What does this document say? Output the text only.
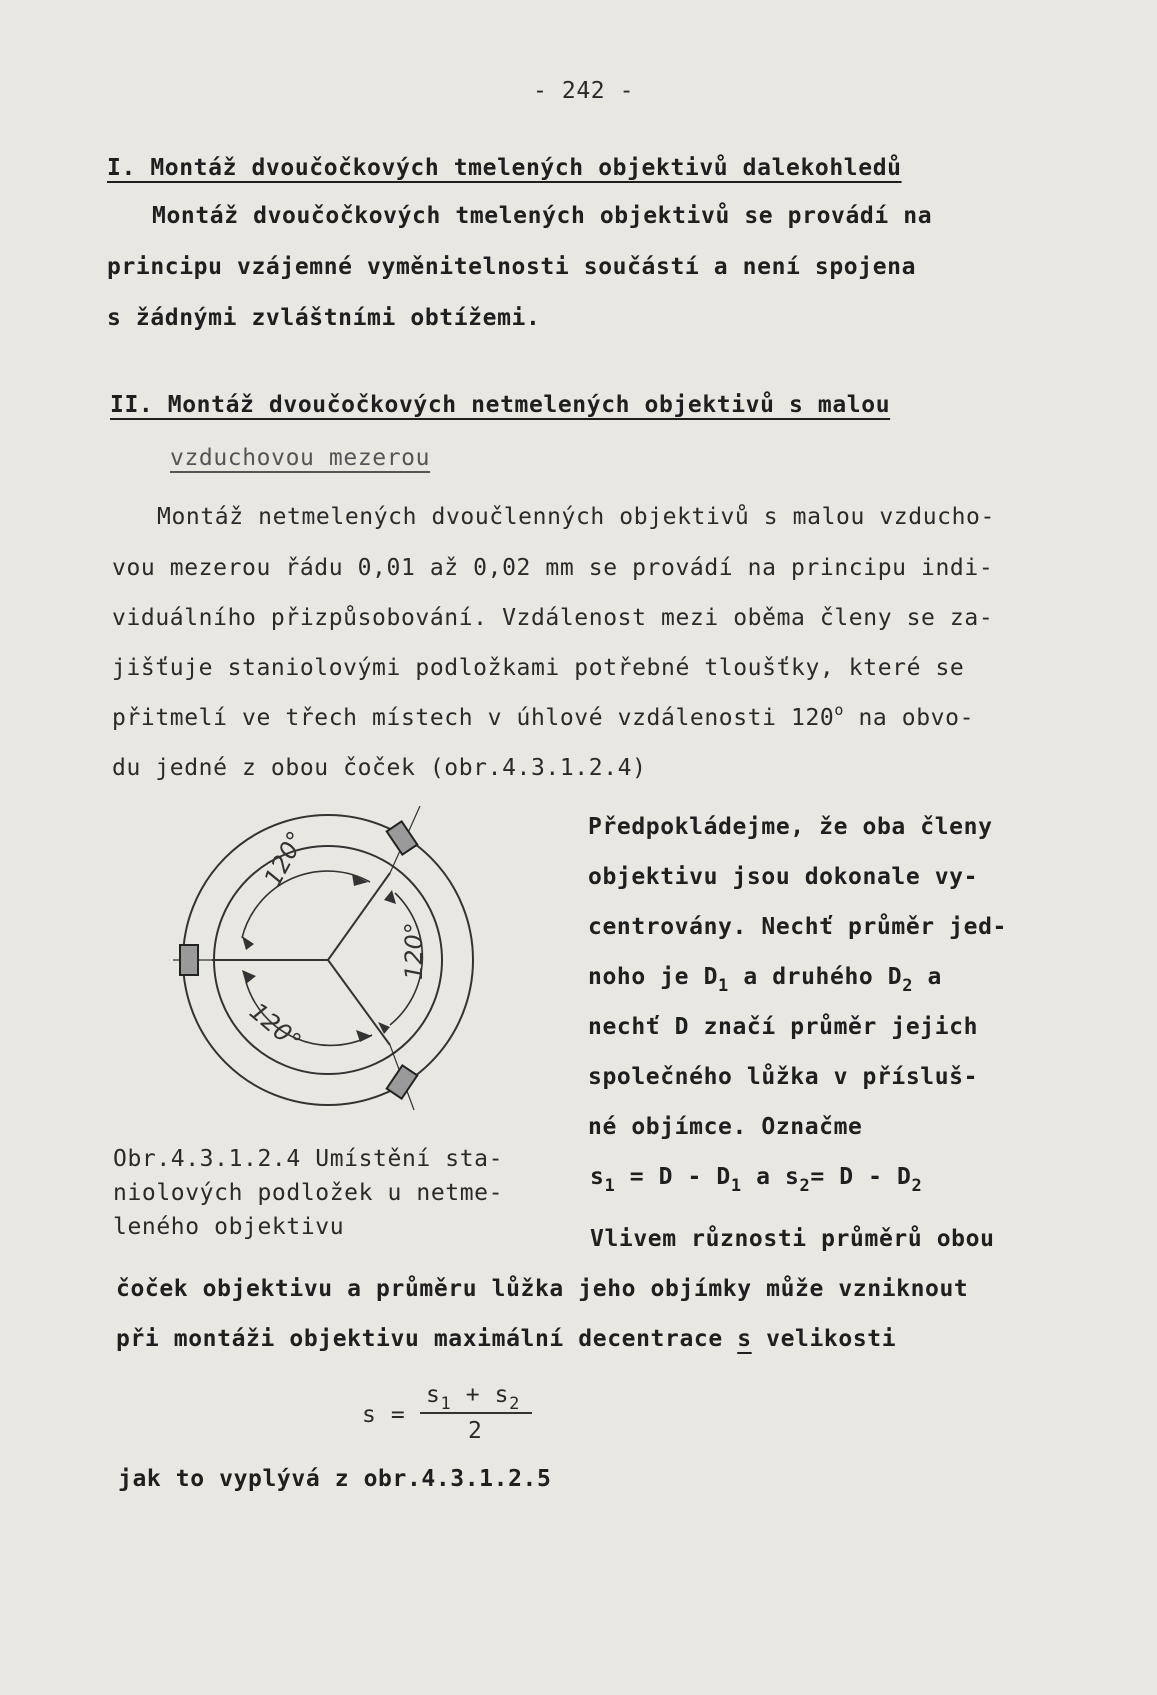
- 242 -
I. Montáž dvoučočkových tmelených objektivů dalekohledů
Montáž dvoučočkových tmelených objektivů se provádí na
principu vzájemné vyměnitelnosti součástí a není spojena
s žádnými zvláštními obtížemi.
II. Montáž dvoučočkových netmelených objektivů s malou
vzduchovou mezerou
Montáž netmelených dvoučlenných objektivů s malou vzducho-
vou mezerou řádu 0,01 až 0,02 mm se provádí na principu indi-
viduálního přizpůsobování. Vzdálenost mezi oběma členy se za-
jišťuje staniolovými podložkami potřebné tloušťky, které se
přitmelí ve třech místech v úhlové vzdálenosti 120$^o$ na obvo-
du jedné z obou čoček (obr.4.3.1.2.4)
120°
120°
120°
Obr.4.3.1.2.4 Umístění sta-
niolových podložek u netme-
leného objektivu
Předpokládejme, že oba členy
objektivu jsou dokonale vy-
centrovány. Nechť průměr jed-
noho je $D_1$ a druhého $D_2$ a
nechť D značí průměr jejich
společného lůžka v přísluš-
né objímce. Označme
$s_1 = D - D_1$ a $s_2= D - D_2$
Vlivem různosti průměrů obou
čoček objektivu a průměru lůžka jeho objímky může vzniknout
při montáži objektivu maximální decentrace s velikosti
s =
$s_1 + s_2$
2
jak to vyplývá z obr.4.3.1.2.5
